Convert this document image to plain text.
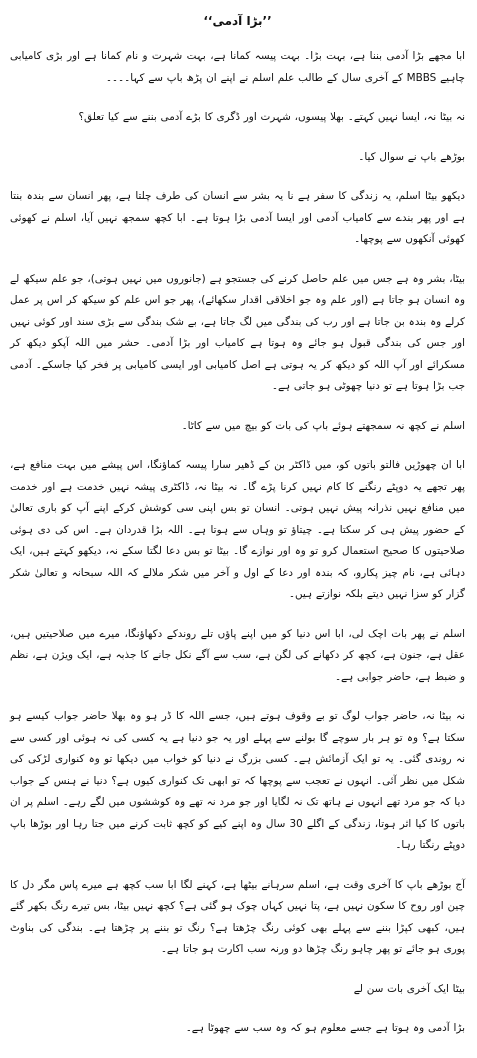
’’بڑا آدمی‘‘

ابا مجھے بڑا آدمی بننا ہے، بہت بڑا۔ بہت پیسہ کمانا ہے، بہت شہرت و نام کمانا ہے اور بڑی کامیابی چاہیے MBBS کے آخری سال کے طالب علم اسلم نے اپنے ان پڑھ باپ سے کہا۔۔۔۔

نہ بیٹا نہ، ایسا نہیں کہتے۔ بھلا پیسوں، شہرت اور ڈگری کا بڑے آدمی بننے سے کیا تعلق؟

بوڑھے باپ نے سوال کیا۔

دیکھو بیٹا اسلم، یہ زندگی کا سفر ہے نا یہ بشر سے انسان کی طرف چلتا ہے، پھر انسان سے بندہ بنتا ہے اور پھر بندے سے کامیاب آدمی اور ایسا آدمی بڑا ہوتا ہے۔ ابا کچھ سمجھ نہیں آیا، اسلم نے کھوئی کھوئی آنکھوں سے پوچھا۔

بیٹا، بشر وہ ہے جس میں علم حاصل کرنے کی جستجو ہے (جانوروں میں نہیں ہوتی)، جو علم سیکھ لے وہ انسان ہو جاتا ہے (اور علم وہ جو اخلاقی اقدار سکھائے)، پھر جو اس علم کو سیکھ کر اس پر عمل کرلے وہ بندہ بن جاتا ہے اور رب کی بندگی میں لگ جاتا ہے، بے شک بندگی سے بڑی سند اور کوئی نہیں اور جس کی بندگی قبول ہو جائے وہ ہوتا ہے کامیاب اور بڑا آدمی۔ حشر میں اللہ آپکو دیکھ کر مسکرائے اور آپ اللہ کو دیکھ کر یہ ہوتی ہے اصل کامیابی اور ایسی کامیابی پر فخر کیا جاسکے۔ آدمی جب بڑا ہوتا ہے تو دنیا چھوٹی ہو جاتی ہے۔

اسلم نے کچھ نہ سمجھتے ہوئے باپ کی بات کو بیچ میں سے کاٹا۔

ابا ان چھوڑیں فالتو باتوں کو، میں ڈاکٹر بن کے ڈھیر سارا پیسہ کماؤنگا، اس پیشے میں بہت منافع ہے، پھر تجھے یہ دوپٹے رنگنے کا کام نہیں کرنا پڑے گا۔ نہ بیٹا نہ، ڈاکٹری پیشہ نہیں خدمت ہے اور خدمت میں منافع نہیں نذرانہ پیش نہیں ہوتی۔ انسان تو بس اپنی سی کوشش کرکے اپنے آپ کو باری تعالیٰ کے حضور پیش ہی کر سکتا ہے۔ چیتاؤ تو وہاں سے ہوتا ہے۔ اللہ بڑا قدردان ہے۔ اس کی دی ہوئی صلاحیتوں کا صحیح استعمال کرو تو وہ اور نوازے گا۔ بیٹا تو بس دعا لگتا سکے نہ، دیکھو کہتے ہیں، ایک دہائی ہے، نام چیز پکارو، کہ بندہ اور دعا کے اول و آخر میں شکر ملالے کہ اللہ سبحانہ و تعالیٰ شکر گزار کو سزا نہیں دیتے بلکہ نوازتے ہیں۔

اسلم نے پھر بات اچک لی، ابا اس دنیا کو میں اپنے پاؤں تلے روندکے دکھاؤنگا، میرے میں صلاحیتیں ہیں، عقل ہے، جنون ہے، کچھ کر دکھانے کی لگن ہے، سب سے آگے نکل جانے کا جذبہ ہے، ایک ویژن ہے، نظم و ضبط ہے، حاضر جوابی ہے۔

نہ بیٹا نہ، حاضر جواب لوگ تو بے وقوف ہوتے ہیں، جسے اللہ کا ڈر ہو وہ بھلا حاضر جواب کیسے ہو سکتا ہے؟ وہ تو ہر بار سوچے گا بولنے سے پہلے اور یہ جو دنیا ہے یہ کسی کی نہ ہوئی اور کسی سے نہ روندی گئی۔ یہ تو ایک آزمائش ہے۔ کسی بزرگ نے دنیا کو خواب میں دیکھا تو وہ کنواری لڑکی کی شکل میں نظر آئی۔ انہوں نے تعجب سے پوچھا کہ تو ابھی تک کنواری کیوں ہے؟ دنیا نے ہنس کے جواب دیا کہ جو مرد تھے انہوں نے ہاتھ تک نہ لگایا اور جو مرد نہ تھے وہ کوششوں میں لگے رہے۔ اسلم پر ان باتوں کا کیا اثر ہوتا، زندگی کے اگلے 30 سال وہ اپنے کیے کو کچھ ثابت کرنے میں جتا رہا اور بوڑھا باپ دوپٹے رنگتا رہا۔

آج بوڑھے باپ کا آخری وقت ہے، اسلم سرہانے بیٹھا ہے، کہنے لگا ابا سب کچھ ہے میرے پاس مگر دل کا چین اور روح کا سکون نہیں ہے، پتا نہیں کہاں چوک ہو گئی ہے؟ کچھ نہیں بیٹا، بس تیرے رنگ بکھر گئے ہیں، کبھی کپڑا بننے سے پہلے بھی کوئی رنگ چڑھتا ہے؟ رنگ تو بننے پر چڑھتا ہے۔ بندگی کی بناوٹ پوری ہو جائے تو پھر چاہو رنگ چڑھا دو ورنہ سب اکارت ہو جاتا ہے۔

بیٹا ایک آخری بات سن لے

بڑا آدمی وہ ہوتا ہے جسے معلوم ہو کہ وہ سب سے چھوٹا ہے۔
